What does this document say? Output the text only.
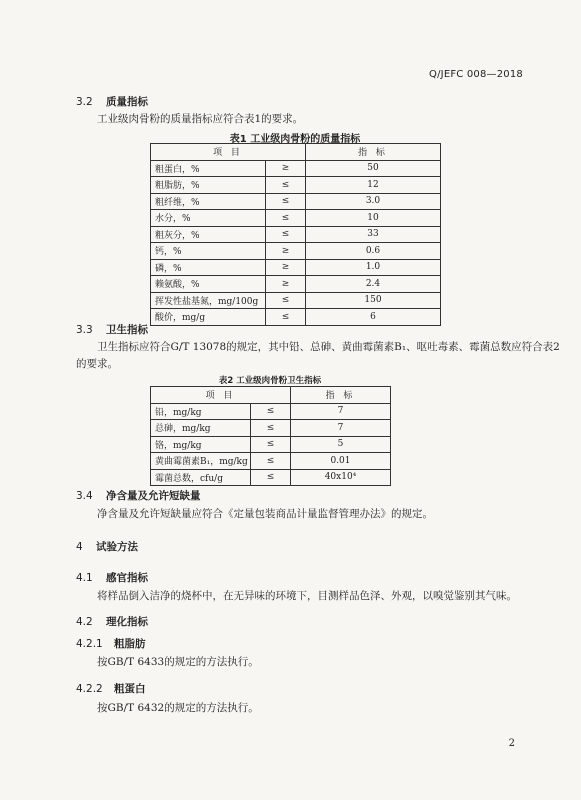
Q/JEFC 008—2018
3.2 质量指标
工业级肉骨粉的质量指标应符合表1的要求。
表1 工业级肉骨粉的质量指标
项 目		指 标
粗蛋白，%	≥	50
粗脂肪，%	≤	12
粗纤维，%	≤	3.0
水分，%	≤	10
粗灰分，%	≤	33
钙，%	≥	0.6
磷，%	≥	1.0
赖氨酸，%	≥	2.4
挥发性盐基氮，mg/100g	≤	150
酸价，mg/g	≤	6
3.3 卫生指标
卫生指标应符合G/T 13078的规定，其中铅、总砷、黄曲霉菌素B₁、呕吐毒素、霉菌总数应符合表2
的要求。
表2 工业级肉骨粉卫生指标
项 目		指 标
铅，mg/kg	≤	7
总砷，mg/kg	≤	7
铬，mg/kg	≤	5
黄曲霉菌素B₁，mg/kg	≤	0.01
霉菌总数，cfu/g	≤	40x10⁴
3.4 净含量及允许短缺量
净含量及允许短缺量应符合《定量包装商品计量监督管理办法》的规定。
4 试验方法
4.1 感官指标
将样品倒入洁净的烧杯中，在无异味的环境下，目测样品色泽、外观，以嗅觉鉴别其气味。
4.2 理化指标
4.2.1 粗脂肪
按GB/T 6433的规定的方法执行。
4.2.2 粗蛋白
按GB/T 6432的规定的方法执行。
2
